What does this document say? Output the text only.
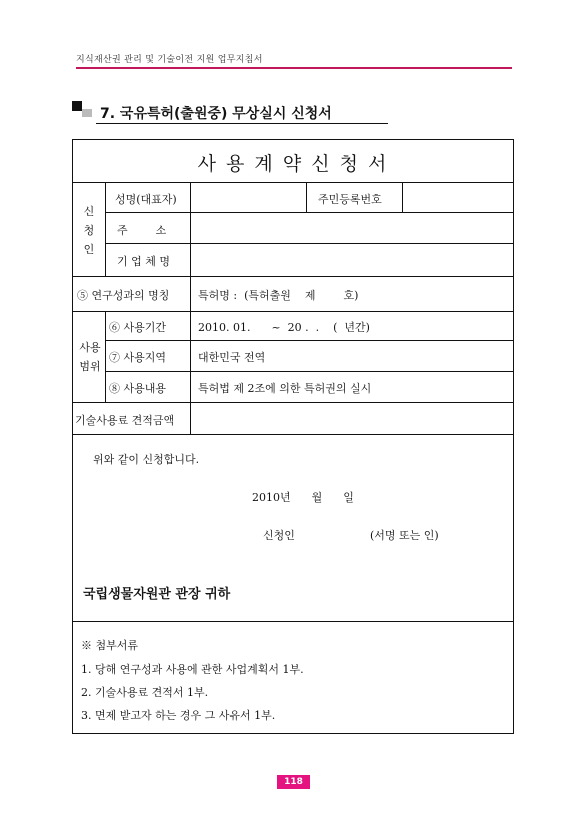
지식재산권 관리 및 기술이전 지원 업무지침서
7. 국유특허(출원중) 무상실시 신청서
사 용 계 약 신 청 서
신
청
인
성명(대표자)	주민등록번호
주        소
기 업 체 명
⑤ 연구성과의 명칭	특허명 :  (특허출원    제        호)
사용
범위
⑥ 사용기간	2010. 01.      ~  20 .  .    (  년간)
⑦ 사용지역	대한민국 전역
⑧ 사용내용	특허법 제 2조에 의한 특허권의 실시
기술사용료 견적금액
위와 같이 신청합니다.
2010년      월      일
신청인	(서명 또는 인)
국립생물자원관 관장 귀하
※ 첨부서류
1. 당해 연구성과 사용에 관한 사업계획서 1부.
2. 기술사용료 견적서 1부.
3. 면제 받고자 하는 경우 그 사유서 1부.
118
